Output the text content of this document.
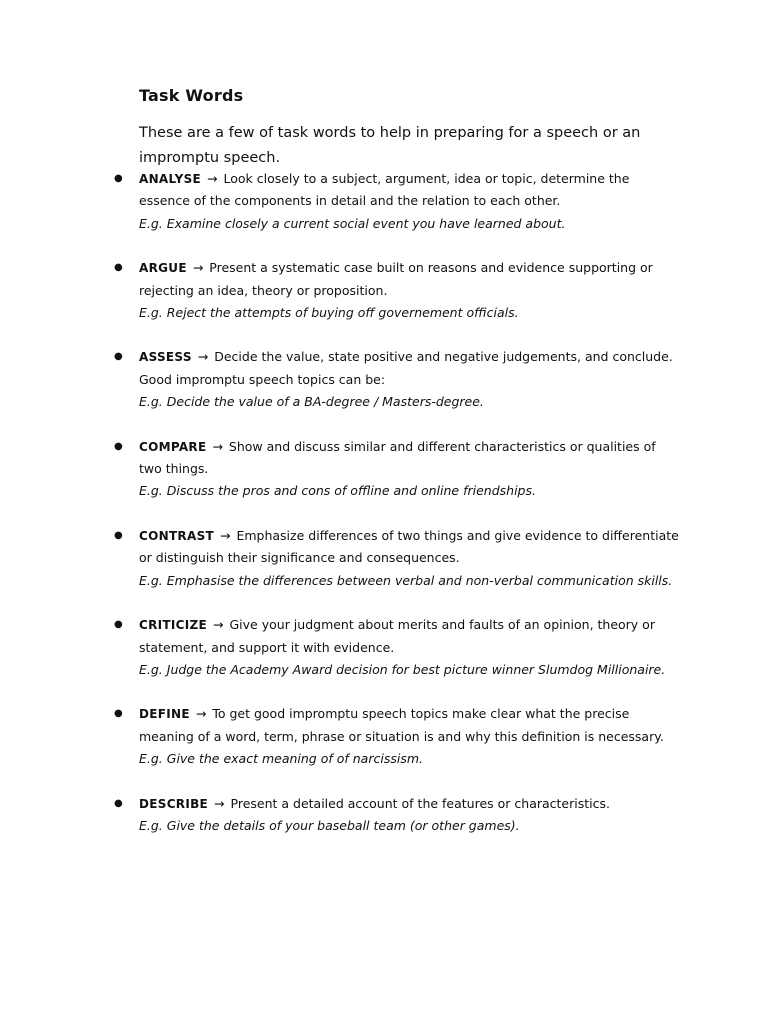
Task Words
These are a few of task words to help in preparing for a speech or an impromptu speech.
● ANALYSE → Look closely to a subject, argument, idea or topic, determine the essence of the components in detail and the relation to each other.
E.g. Examine closely a current social event you have learned about.
● ARGUE → Present a systematic case built on reasons and evidence supporting or rejecting an idea, theory or proposition.
E.g. Reject the attempts of buying off governement officials.
● ASSESS → Decide the value, state positive and negative judgements, and conclude. Good impromptu speech topics can be:
E.g. Decide the value of a BA-degree / Masters-degree.
● COMPARE → Show and discuss similar and different characteristics or qualities of two things.
E.g. Discuss the pros and cons of offline and online friendships.
● CONTRAST → Emphasize differences of two things and give evidence to differentiate or distinguish their significance and consequences.
E.g. Emphasise the differences between verbal and non-verbal communication skills.
● CRITICIZE → Give your judgment about merits and faults of an opinion, theory or statement, and support it with evidence.
E.g. Judge the Academy Award decision for best picture winner Slumdog Millionaire.
● DEFINE → To get good impromptu speech topics make clear what the precise meaning of a word, term, phrase or situation is and why this definition is necessary.
E.g. Give the exact meaning of of narcissism.
● DESCRIBE → Present a detailed account of the features or characteristics.
E.g. Give the details of your baseball team (or other games).
